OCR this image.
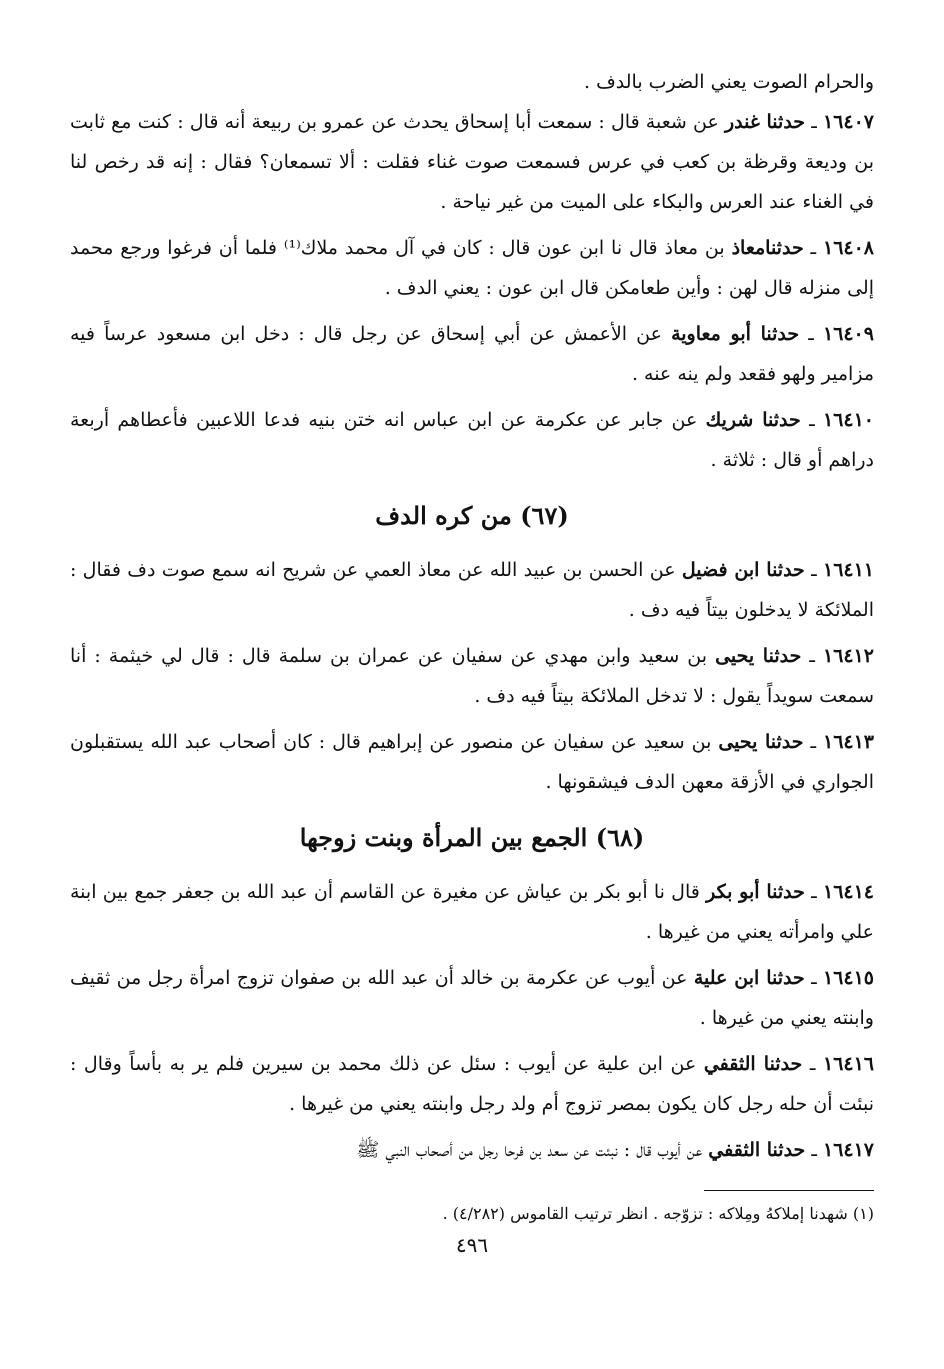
والحرام الصوت يعني الضرب بالدف .

١٦٤٠٧ ـ حدثنا غندر عن شعبة قال : سمعت أبا إسحاق يحدث عن عمرو بن ربيعة أنه قال : كنت مع ثابت بن وديعة وقرظة بن كعب في عرس فسمعت صوت غناء فقلت : ألا تسمعان؟ فقال : إنه قد رخص لنا في الغناء عند العرس والبكاء على الميت من غير نياحة .

١٦٤٠٨ ـ حدثنامعاذ بن معاذ قال نا ابن عون قال : كان في آل محمد ملاك⁽¹⁾ فلما أن فرغوا ورجع محمد إلى منزله قال لهن : وأين طعامكن قال ابن عون : يعني الدف .

١٦٤٠٩ ـ حدثنا أبو معاوية عن الأعمش عن أبي إسحاق عن رجل قال : دخل ابن مسعود عرساً فيه مزامير ولهو فقعد ولم ينه عنه .

١٦٤١٠ ـ حدثنا شريك عن جابر عن عكرمة عن ابن عباس انه ختن بنيه فدعا اللاعبين فأعطاهم أربعة دراهم أو قال : ثلاثة .

(٦٧) من كره الدف

١٦٤١١ ـ حدثنا ابن فضيل عن الحسن بن عبيد الله عن معاذ العمي عن شريح انه سمع صوت دف فقال : الملائكة لا يدخلون بيتاً فيه دف .

١٦٤١٢ ـ حدثنا يحيى بن سعيد وابن مهدي عن سفيان عن عمران بن سلمة قال : قال لي خيثمة : أنا سمعت سويداً يقول : لا تدخل الملائكة بيتاً فيه دف .

١٦٤١٣ ـ حدثنا يحيى بن سعيد عن سفيان عن منصور عن إبراهيم قال : كان أصحاب عبد الله يستقبلون الجواري في الأزقة معهن الدف فيشقونها .

(٦٨) الجمع بين المرأة وبنت زوجها

١٦٤١٤ ـ حدثنا أبو بكر قال نا أبو بكر بن عياش عن مغيرة عن القاسم أن عبد الله بن جعفر جمع بين ابنة علي وامرأته يعني من غيرها .

١٦٤١٥ ـ حدثنا ابن علية عن أيوب عن عكرمة بن خالد أن عبد الله بن صفوان تزوج امرأة رجل من ثقيف وابنته يعني من غيرها .

١٦٤١٦ ـ حدثنا الثقفي عن ابن علية عن أيوب : سئل عن ذلك محمد بن سيرين فلم ير به بأساً وقال : نبئت أن حله رجل كان يكون بمصر تزوج أم ولد رجل وابنته يعني من غيرها .

١٦٤١٧ ـ حدثنا الثقفي عن أيوب قال : نبئت عن سعد بن فرحا رجل من أصحاب النبي ﷺ

(١) شهدنا إملاكهُ ومِلاكه : تزوّجه . انظر ترتيب القاموس (٤/٢٨٢) .
٤٩٦
